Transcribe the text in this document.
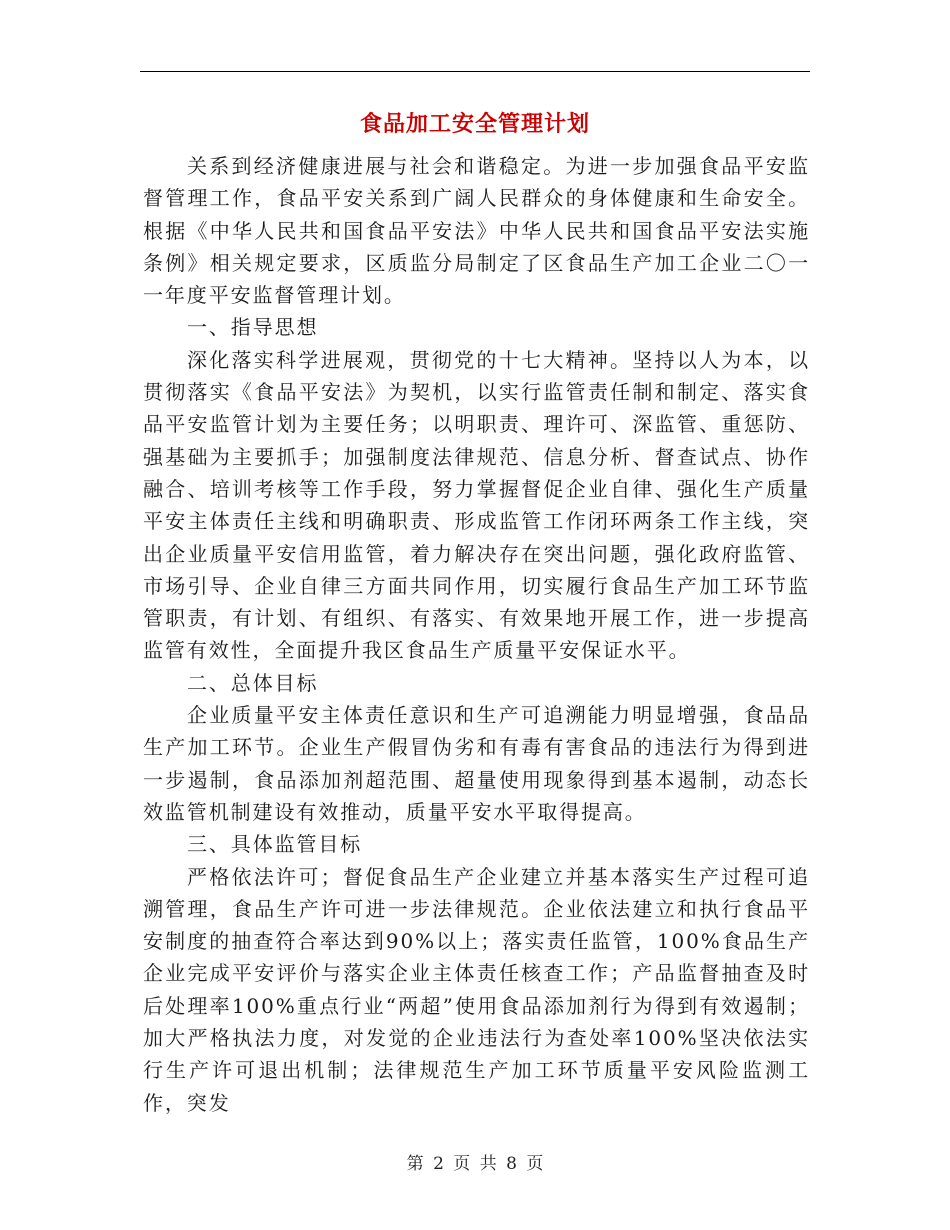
食品加工安全管理计划

关系到经济健康进展与社会和谐稳定。为进一步加强食品平安监督管理工作，食品平安关系到广阔人民群众的身体健康和生命安全。根据《中华人民共和国食品平安法》中华人民共和国食品平安法实施条例》相关规定要求，区质监分局制定了区食品生产加工企业二〇一一年度平安监督管理计划。

一、指导思想

深化落实科学进展观，贯彻党的十七大精神。坚持以人为本，以贯彻落实《食品平安法》为契机，以实行监管责任制和制定、落实食品平安监管计划为主要任务；以明职责、理许可、深监管、重惩防、强基础为主要抓手；加强制度法律规范、信息分析、督查试点、协作融合、培训考核等工作手段，努力掌握督促企业自律、强化生产质量平安主体责任主线和明确职责、形成监管工作闭环两条工作主线，突出企业质量平安信用监管，着力解决存在突出问题，强化政府监管、市场引导、企业自律三方面共同作用，切实履行食品生产加工环节监管职责，有计划、有组织、有落实、有效果地开展工作，进一步提高监管有效性，全面提升我区食品生产质量平安保证水平。

二、总体目标

企业质量平安主体责任意识和生产可追溯能力明显增强，食品品生产加工环节。企业生产假冒伪劣和有毒有害食品的违法行为得到进一步遏制，食品添加剂超范围、超量使用现象得到基本遏制，动态长效监管机制建设有效推动，质量平安水平取得提高。

三、具体监管目标

严格依法许可；督促食品生产企业建立并基本落实生产过程可追溯管理，食品生产许可进一步法律规范。企业依法建立和执行食品平安制度的抽查符合率达到90%以上；落实责任监管，100%食品生产企业完成平安评价与落实企业主体责任核查工作；产品监督抽查及时后处理率100%重点行业“两超”使用食品添加剂行为得到有效遏制；加大严格执法力度，对发觉的企业违法行为查处率100%坚决依法实行生产许可退出机制；法律规范生产加工环节质量平安风险监测工作，突发

第 2 页 共 8 页
